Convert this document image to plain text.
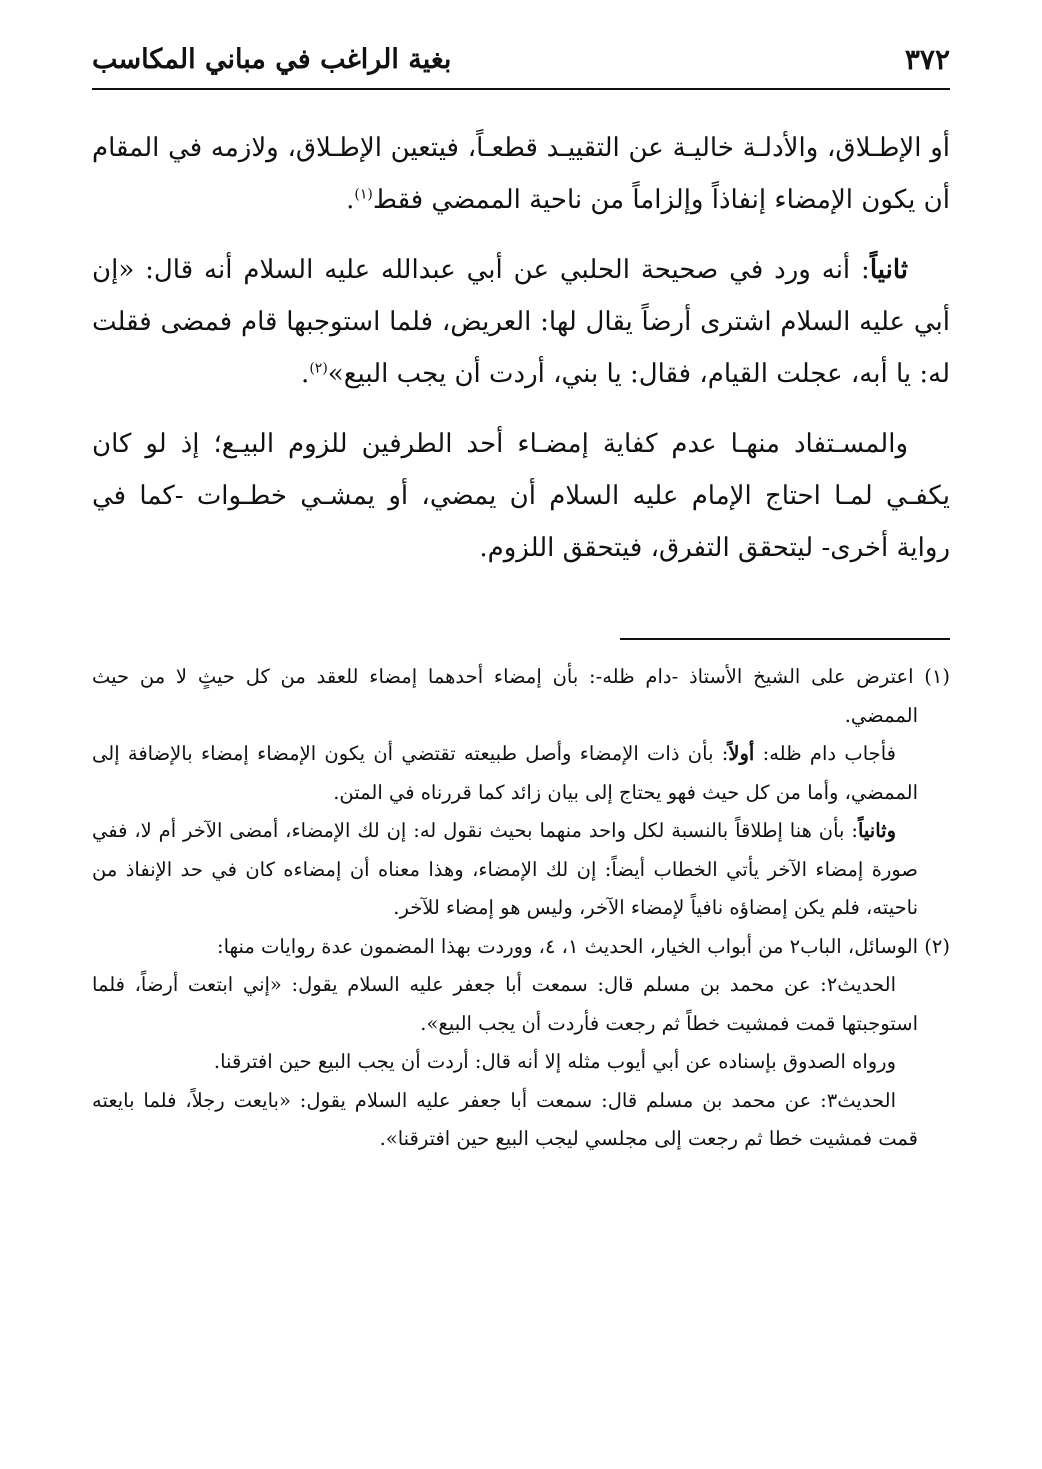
٣٧٢
بغية الراغب في مباني المكاسب

أو الإطـلاق، والأدلـة خاليـة عن التقييـد قطعـاً، فيتعين الإطـلاق، ولازمه في المقام أن يكون الإمضاء إنفاذاً وإلزاماً من ناحية الممضي فقط$^{(١)}$.

ثانياً: أنه ورد في صحيحة الحلبي عن أبي عبدالله عليه السلام أنه قال: «إن أبي عليه السلام اشترى أرضاً يقال لها: العريض، فلما استوجبها قام فمضى فقلت له: يا أبه، عجلت القيام، فقال: يا بني، أردت أن يجب البيع»$^{(٢)}$.

والمسـتفاد منهـا عدم كفاية إمضـاء أحد الطرفين للزوم البيـع؛ إذ لو كان يكفـي لمـا احتاج الإمام عليه السلام أن يمضي، أو يمشـي خطـوات -كما في رواية أخرى- ليتحقق التفرق، فيتحقق اللزوم.

(١) اعترض على الشيخ الأستاذ -دام ظله-: بأن إمضاء أحدهما إمضاء للعقد من كل حيثٍ لا من حيث الممضي.

فأجاب دام ظله: أولاً: بأن ذات الإمضاء وأصل طبيعته تقتضي أن يكون الإمضاء إمضاء بالإضافة إلى الممضي، وأما من كل حيث فهو يحتاج إلى بيان زائد كما قررناه في المتن.

وثانياً: بأن هنا إطلاقاً بالنسبة لكل واحد منهما بحيث نقول له: إن لك الإمضاء، أمضى الآخر أم لا، ففي صورة إمضاء الآخر يأتي الخطاب أيضاً: إن لك الإمضاء، وهذا معناه أن إمضاءه كان في حد الإنفاذ من ناحيته، فلم يكن إمضاؤه نافياً لإمضاء الآخر، وليس هو إمضاء للآخر.

(٢) الوسائل، الباب٢ من أبواب الخيار، الحديث ١، ٤، ووردت بهذا المضمون عدة روايات منها:

الحديث٢: عن محمد بن مسلم قال: سمعت أبا جعفر عليه السلام يقول: «إني ابتعت أرضاً، فلما استوجبتها قمت فمشيت خطاً ثم رجعت فأردت أن يجب البيع».

ورواه الصدوق بإسناده عن أبي أيوب مثله إلا أنه قال: أردت أن يجب البيع حين افترقنا.

الحديث٣: عن محمد بن مسلم قال: سمعت أبا جعفر عليه السلام يقول: «بايعت رجلاً، فلما بايعته قمت فمشيت خطا ثم رجعت إلى مجلسي ليجب البيع حين افترقنا».
